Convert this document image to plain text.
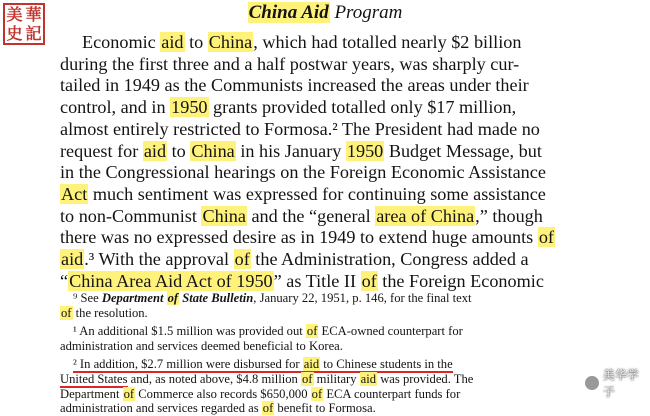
美 華
史 記
China Aid Program
Economic aid to China, which had totalled nearly $2 billion
during the first three and a half postwar years, was sharply cur-
tailed in 1949 as the Communists increased the areas under their
control, and in 1950 grants provided totalled only $17 million,
almost entirely restricted to Formosa.² The President had made no
request for aid to China in his January 1950 Budget Message, but
in the Congressional hearings on the Foreign Economic Assistance
Act much sentiment was expressed for continuing some assistance
to non-Communist China and the “general area of China,” though
there was no expressed desire as in 1949 to extend huge amounts of
aid.³ With the approval of the Administration, Congress added a
“China Area Aid Act of 1950” as Title II of the Foreign Economic
⁹ See Department of State Bulletin, January 22, 1951, p. 146, for the final text
of the resolution.
¹ An additional $1.5 million was provided out of ECA-owned counterpart for
administration and services deemed beneficial to Korea.
² In addition, $2.7 million were disbursed for aid to Chinese students in the
United States and, as noted above, $4.8 million of military aid was provided. The
Department of Commerce also records $650,000 of ECA counterpart funds for
administration and services regarded as of benefit to Formosa.
美华学子
